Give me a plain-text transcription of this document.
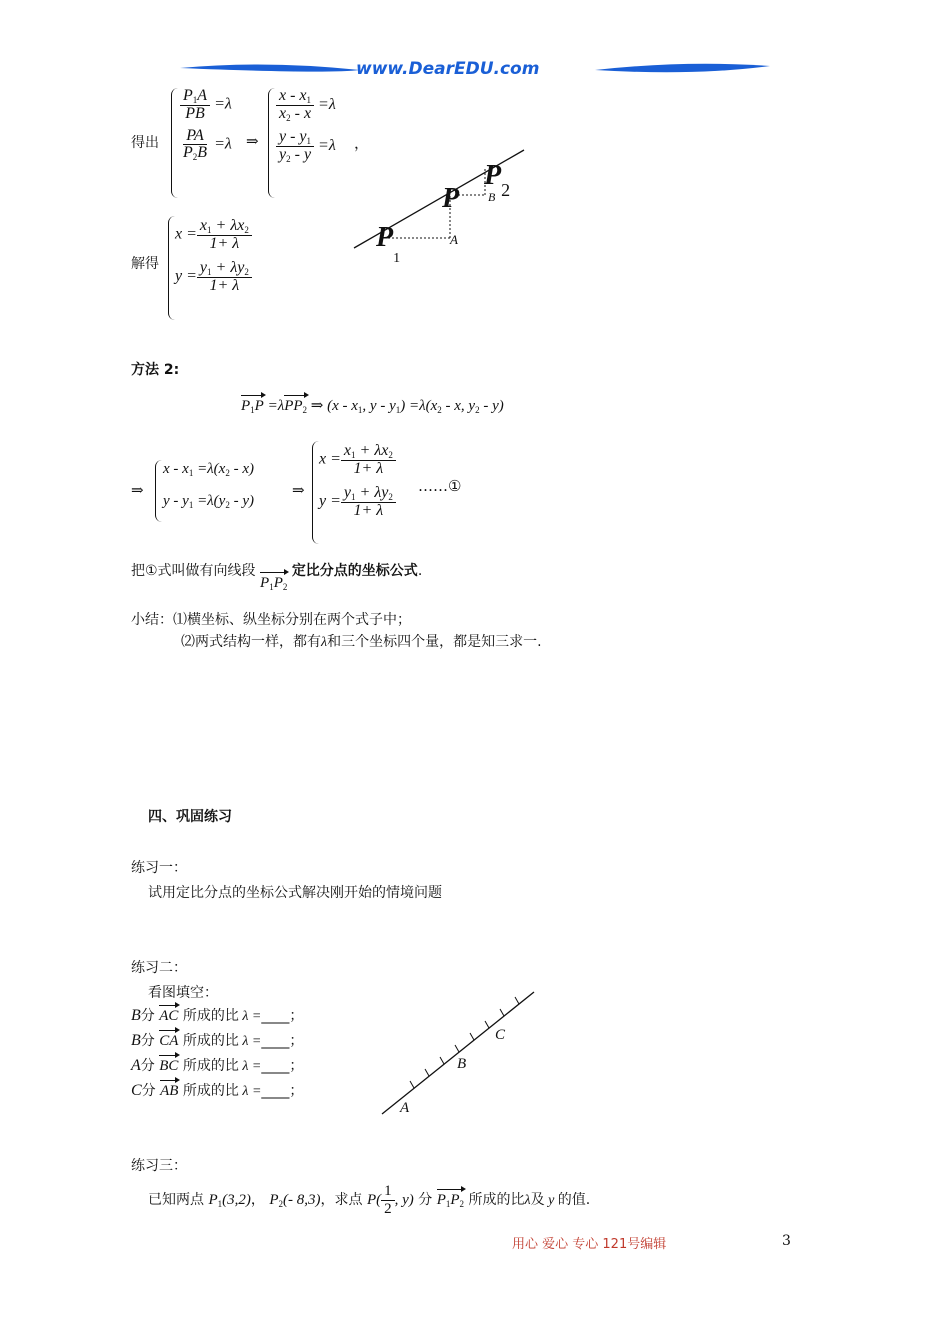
www.DearEDU.com
得出
$\frac{P_1A}{PB} =\lambda$
$\frac{PA}{P_2B} =\lambda$ ⇒
$\frac{x - x_1}{x_2 - x} =\lambda$
$\frac{y - y_1}{y_2 - y} =\lambda$ ，
P
$P_2$
B
$P_1$
A
解得
$x = \frac{x_1 + \lambda x_2}{1+ \lambda}$
$y = \frac{y_1 + \lambda y_2}{1+ \lambda}$
方法 2:
$P_1P =\lambda PP_2$ ⇒ ($x - x_1$, $y - y_1) =\lambda(x_2 - x$, $y_2 - y$)
⇒
$x - x_1 =\lambda(x_2 - x)$
$y - y_1 =\lambda(y_2 - y)$
⇒
$x = \frac{x_1 + \lambda x_2}{1+ \lambda}$
$y = \frac{y_1 + \lambda y_2}{1+ \lambda}$ ……①
把①式叫做有向线段 $P_1P_2$ 定比分点的坐标公式.
小结：⑴横坐标、纵坐标分别在两个式子中；
⑵两式结构一样，都有λ和三个坐标四个量，都是知三求一.
四、巩固练习
练习一：
试用定比分点的坐标公式解决刚开始的情境问题
练习二：
看图填空：
B分 AC 所成的比 λ =____；
B分 CA 所成的比 λ =____；
A分 BC 所成的比 λ =____；
C分 AB 所成的比 λ =____；
A
B
C
练习三：
已知两点 $P_1(3,2)$， $P_2(-$ 8,3)，求点 $P( \frac{1}{2}$ , y) 分 $P_1P_2$ 所成的比λ及 y 的值.
用心 爱心 专心 121号编辑	3
